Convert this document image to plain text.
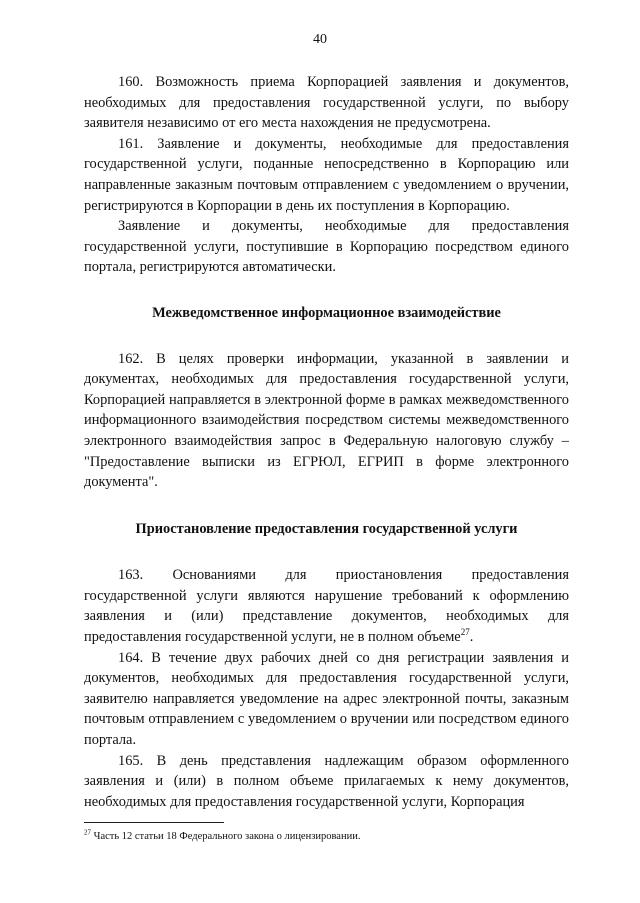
40

160. Возможность приема Корпорацией заявления и документов, необходимых для предоставления государственной услуги, по выбору заявителя независимо от его места нахождения не предусмотрена.

161. Заявление и документы, необходимые для предоставления государственной услуги, поданные непосредственно в Корпорацию или направленные заказным почтовым отправлением с уведомлением о вручении, регистрируются в Корпорации в день их поступления в Корпорацию.

Заявление и документы, необходимые для предоставления государственной услуги, поступившие в Корпорацию посредством единого портала, регистрируются автоматически.

Межведомственное информационное взаимодействие

162. В целях проверки информации, указанной в заявлении и документах, необходимых для предоставления государственной услуги, Корпорацией направляется в электронной форме в рамках межведомственного информационного взаимодействия посредством системы межведомственного электронного взаимодействия запрос в Федеральную налоговую службу – "Предоставление выписки из ЕГРЮЛ, ЕГРИП в форме электронного документа".

Приостановление предоставления государственной услуги

163. Основаниями для приостановления предоставления государственной услуги являются нарушение требований к оформлению заявления и (или) представление документов, необходимых для предоставления государственной услуги, не в полном объеме$^{27}$.

164. В течение двух рабочих дней со дня регистрации заявления и документов, необходимых для предоставления государственной услуги, заявителю направляется уведомление на адрес электронной почты, заказным почтовым отправлением с уведомлением о вручении или посредством единого портала.

165. В день представления надлежащим образом оформленного заявления и (или) в полном объеме прилагаемых к нему документов, необходимых для предоставления государственной услуги, Корпорация

$^{27}$ Часть 12 статьи 18 Федерального закона о лицензировании.
